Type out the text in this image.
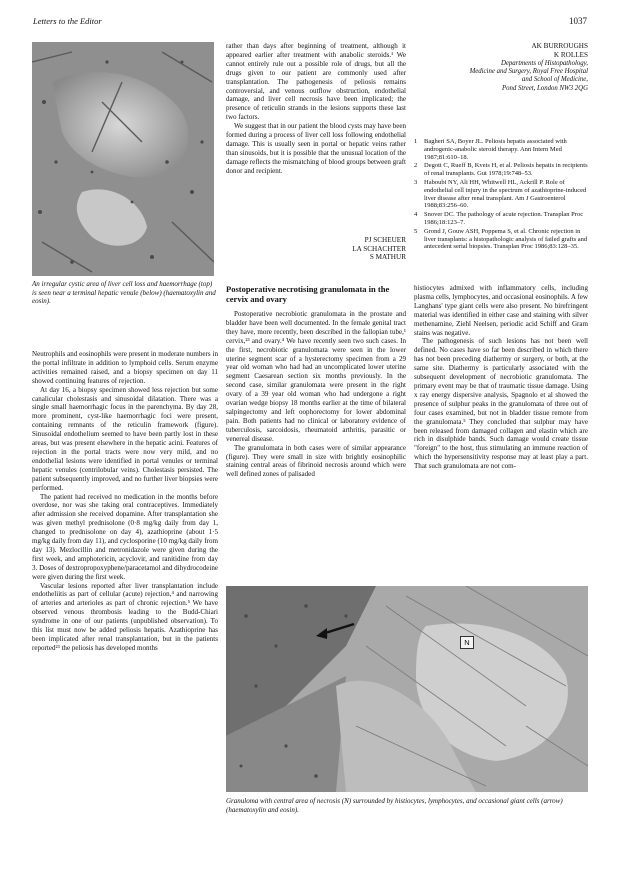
Letters to the Editor	1037
An irregular cystic area of liver cell loss and haemorrhage (top) is seen near a terminal hepatic venule (below) (haematoxylin and eosin).

Neutrophils and eosinophils were present in moderate numbers in the portal infiltrate in addition to lymphoid cells. Serum enzyme activities remained raised, and a biopsy specimen on day 11 showed continuing features of rejection.

At day 16, a biopsy specimen showed less rejection but some canalicular cholestasis and sinusoidal dilatation. There was a single small haemorrhagic focus in the parenchyma. By day 28, more prominent, cyst-like haemorrhagic foci were present, containing remnants of the reticulin framework (figure). Sinusoidal endothelium seemed to have been partly lost in these areas, but was present elsewhere in the hepatic acini. Features of rejection in the portal tracts were now very mild, and no endothelial lesions were identified in portal venules or terminal hepatic venules (centrilobular veins). Cholestasis persisted. The patient subsequently improved, and no further liver biopsies were performed.

The patient had received no medication in the months before overdose, nor was she taking oral contraceptives. Immediately after admission she received dopamine. After transplantation she was given methyl prednisolone (0·8 mg/kg daily from day 1, changed to prednisolone on day 4), azathioprine (about 1·5 mg/kg daily from day 11), and cyclosporine (10 mg/kg daily from day 13). Mezlocillin and metronidazole were given during the first week, and amphotericin, acyclovir, and ranitidine from day 3. Doses of dextropropoxyphene/paracetamol and dihydrocodeine were given during the first week.

Vascular lesions reported after liver transplantation include endotheliitis as part of cellular (acute) rejection,⁴ and narrowing of arteries and arterioles as part of chronic rejection.⁵ We have observed venous thrombosis leading to the Budd-Chiari syndrome in one of our patients (unpublished observation). To this list must now be added peliosis hepatis. Azathioprine has been implicated after renal transplantation, but in the patients reported²³ the peliosis has developed months

rather than days after beginning of treatment, although it appeared earlier after treatment with anabolic steroids.¹ We cannot entirely rule out a possible role of drugs, but all the drugs given to our patient are commonly used after transplantation. The pathogenesis of peliosis remains controversial, and venous outflow obstruction, endothelial damage, and liver cell necrosis have been implicated; the presence of reticulin strands in the lesions supports these last two factors.

We suggest that in our patient the blood cysts may have been formed during a process of liver cell loss following endothelial damage. This is usually seen in portal or hepatic veins rather than sinusoids, but it is possible that the unusual location of the damage reflects the mismatching of blood groups between graft donor and recipient.

PJ SCHEUER
LA SCHACHTER
S MATHUR
AK BURROUGHS
K ROLLES
Departments of Histopathology,
Medicine and Surgery, Royal Free Hospital
and School of Medicine,
Pond Street, London NW3 2QG
1	Bagheri SA, Boyer JL. Peliosis hepatis associated with androgenic-anabolic steroid therapy. Ann Intern Med 1987;81:610–18.
2	Degott C, Rueff B, Kveis H, et al. Peliosis hepatis in recipients of renal transplants. Gut 1978;19:748–53.
3	Haboubi NY, Ali HH, Whitwell HL, Ackrill P. Role of endothelial cell injury in the spectrum of azathioprine-induced liver disease after renal transplant. Am J Gastroenterol 1988;83:256–60.
4	Snover DC. The pathology of acute rejection. Transplan Proc 1986;18:123–7.
5	Grond J, Gouw ASH, Poppema S, et al. Chronic rejection in liver transplants: a histopathologic analysis of failed grafts and antecedent serial biopsies. Transplan Proc 1986;83:128–35.
Postoperative necrotising granulomata in the cervix and ovary

Postoperative necrobiotic granulomata in the prostate and bladder have been well documented. In the female genital tract they have, more recently, been described in the fallopian tube,¹ cervix,²³ and ovary.⁴ We have recently seen two such cases. In the first, necrobiotic granulomata were seen in the lower uterine segment scar of a hysterectomy specimen from a 29 year old woman who had had an uncomplicated lower uterine segment Caesarean section six months previously. In the second case, similar granulomata were present in the right ovary of a 39 year old woman who had undergone a right ovarian wedge biopsy 18 months earlier at the time of bilateral salpingectomy and left oophorectomy for lower abdominal pain. Both patients had no clinical or laboratory evidence of tuberculosis, sarcoidosis, rheumatoid arthritis, parasitic or venereal disease.

The granulomata in both cases were of similar appearance (figure). They were small in size with brightly eosinophilic staining central areas of fibrinoid necrosis around which were well defined zones of palisaded

histiocytes admixed with inflammatory cells, including plasma cells, lymphocytes, and occasional eosinophils. A few Langhans' type giant cells were also present. No birefringent material was identified in either case and staining with silver methenamine, Ziehl Neelsen, periodic acid Schiff and Gram stains was negative.

The pathogenesis of such lesions has not been well defined. No cases have so far been described in which there has not been preceding diathermy or surgery, or both, at the same site. Diathermy is particularly associated with the subsequent development of necrobiotic granulomata. The primary event may be that of traumatic tissue damage. Using x ray energy dispersive analysis, Spagnolo et al showed the presence of sulphur peaks in the granulomata of three out of four cases examined, but not in bladder tissue remote from the granulomata.⁵ They concluded that sulphur may have been released from damaged collagen and elastin which are rich in disulphide bands. Such damage would create tissue "foreign" to the host, thus stimulating an immune reaction of which the hypersensitivity response may at least play a part. That such granulomata are not com-

N
Granuloma with central area of necrosis (N) surrounded by histiocytes, lymphocytes, and occasional giant cells (arrow) (haematoxylin and eosin).
